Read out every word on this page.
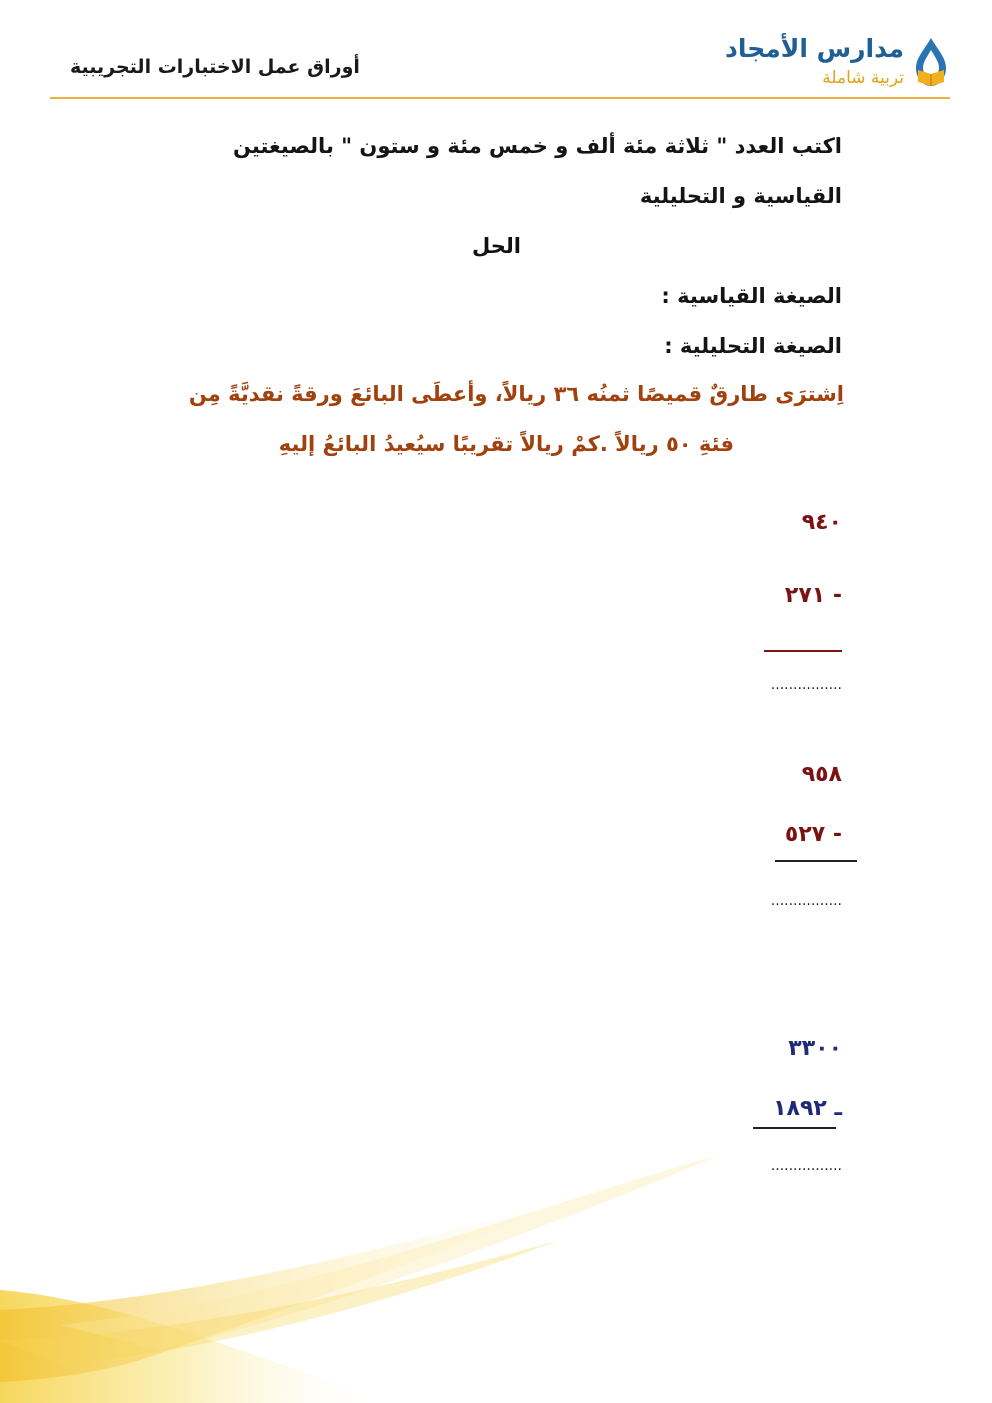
أوراق عمل الاختبارات التجريبية
مدارس الأمجاد
تربية شاملة
اكتب العدد " ثلاثة مئة ألف و خمس مئة و ستون " بالصيغتين
القياسية و التحليلية
الحل
الصيغة القياسية :
الصيغة التحليلية :
اِشترَى طارقٌ قميصًا ثمنُه ٣٦ ريالاً، وأعطَى البائعَ ورقةً نقديَّةً مِن
فئةِ ٥٠ ريالاً .كمْ ريالاً تقريبًا سيُعيدُ البائعُ إليهِ
٩٤٠
- ٢٧١
................
٩٥٨
- ٥٢٧
................
٣٣٠٠
ـ ١٨٩٢
................
